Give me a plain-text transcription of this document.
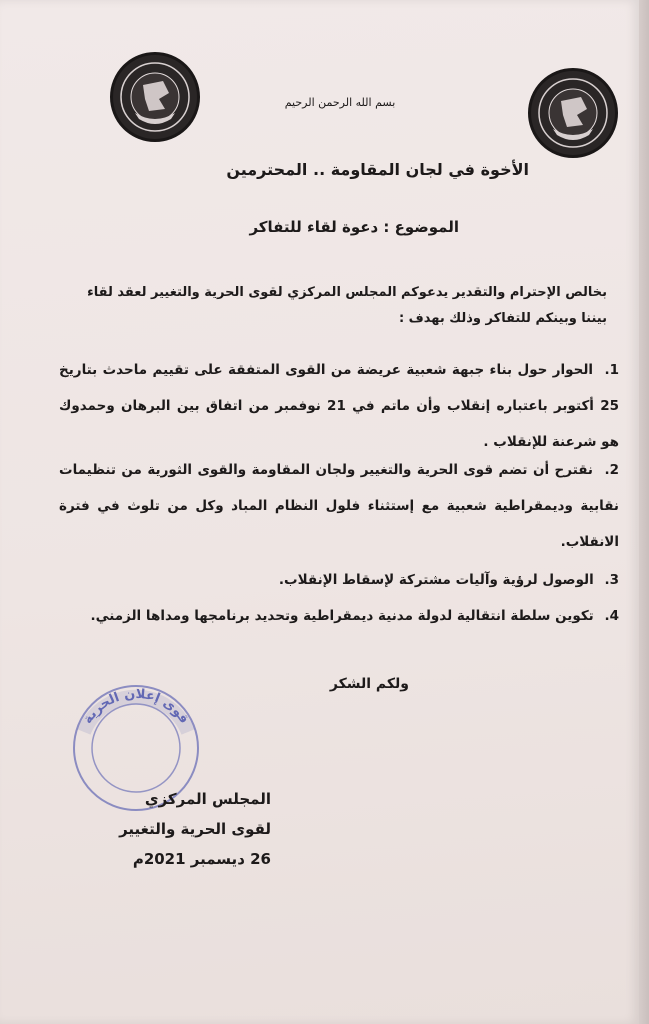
بسم الله الرحمن الرحيم
الأخوة في لجان المقاومة .. المحترمين
الموضوع : دعوة لقاء للتفاكر
بخالص الإحترام والتقدير يدعوكم المجلس المركزي لقوى الحرية والتغيير لعقد لقاء بيننا وبينكم للتفاكر وذلك بهدف :
1. الحوار حول بناء جبهة شعبية عريضة من القوى المتفقة على تقييم ماحدث بتاريخ 25 أكتوبر باعتباره إنقلاب وأن ماتم في 21 نوفمبر من اتفاق بين البرهان وحمدوك هو شرعنة للإنقلاب .
2. نقترح أن تضم قوى الحرية والتغيير ولجان المقاومة والقوى الثورية من تنظيمات نقابية وديمقراطية شعبية مع إستثناء فلول النظام المباد وكل من تلوث في فترة الانقلاب.
3. الوصول لرؤية وآليات مشتركة لإسقاط الإنقلاب.
4. تكوين سلطة انتقالية لدولة مدنية ديمقراطية وتحديد برنامجها ومداها الزمني.
ولكم الشكر
قوى إعلان الحرية
المجلس المركزي
لقوى الحرية والتغيير
26 ديسمبر 2021م
